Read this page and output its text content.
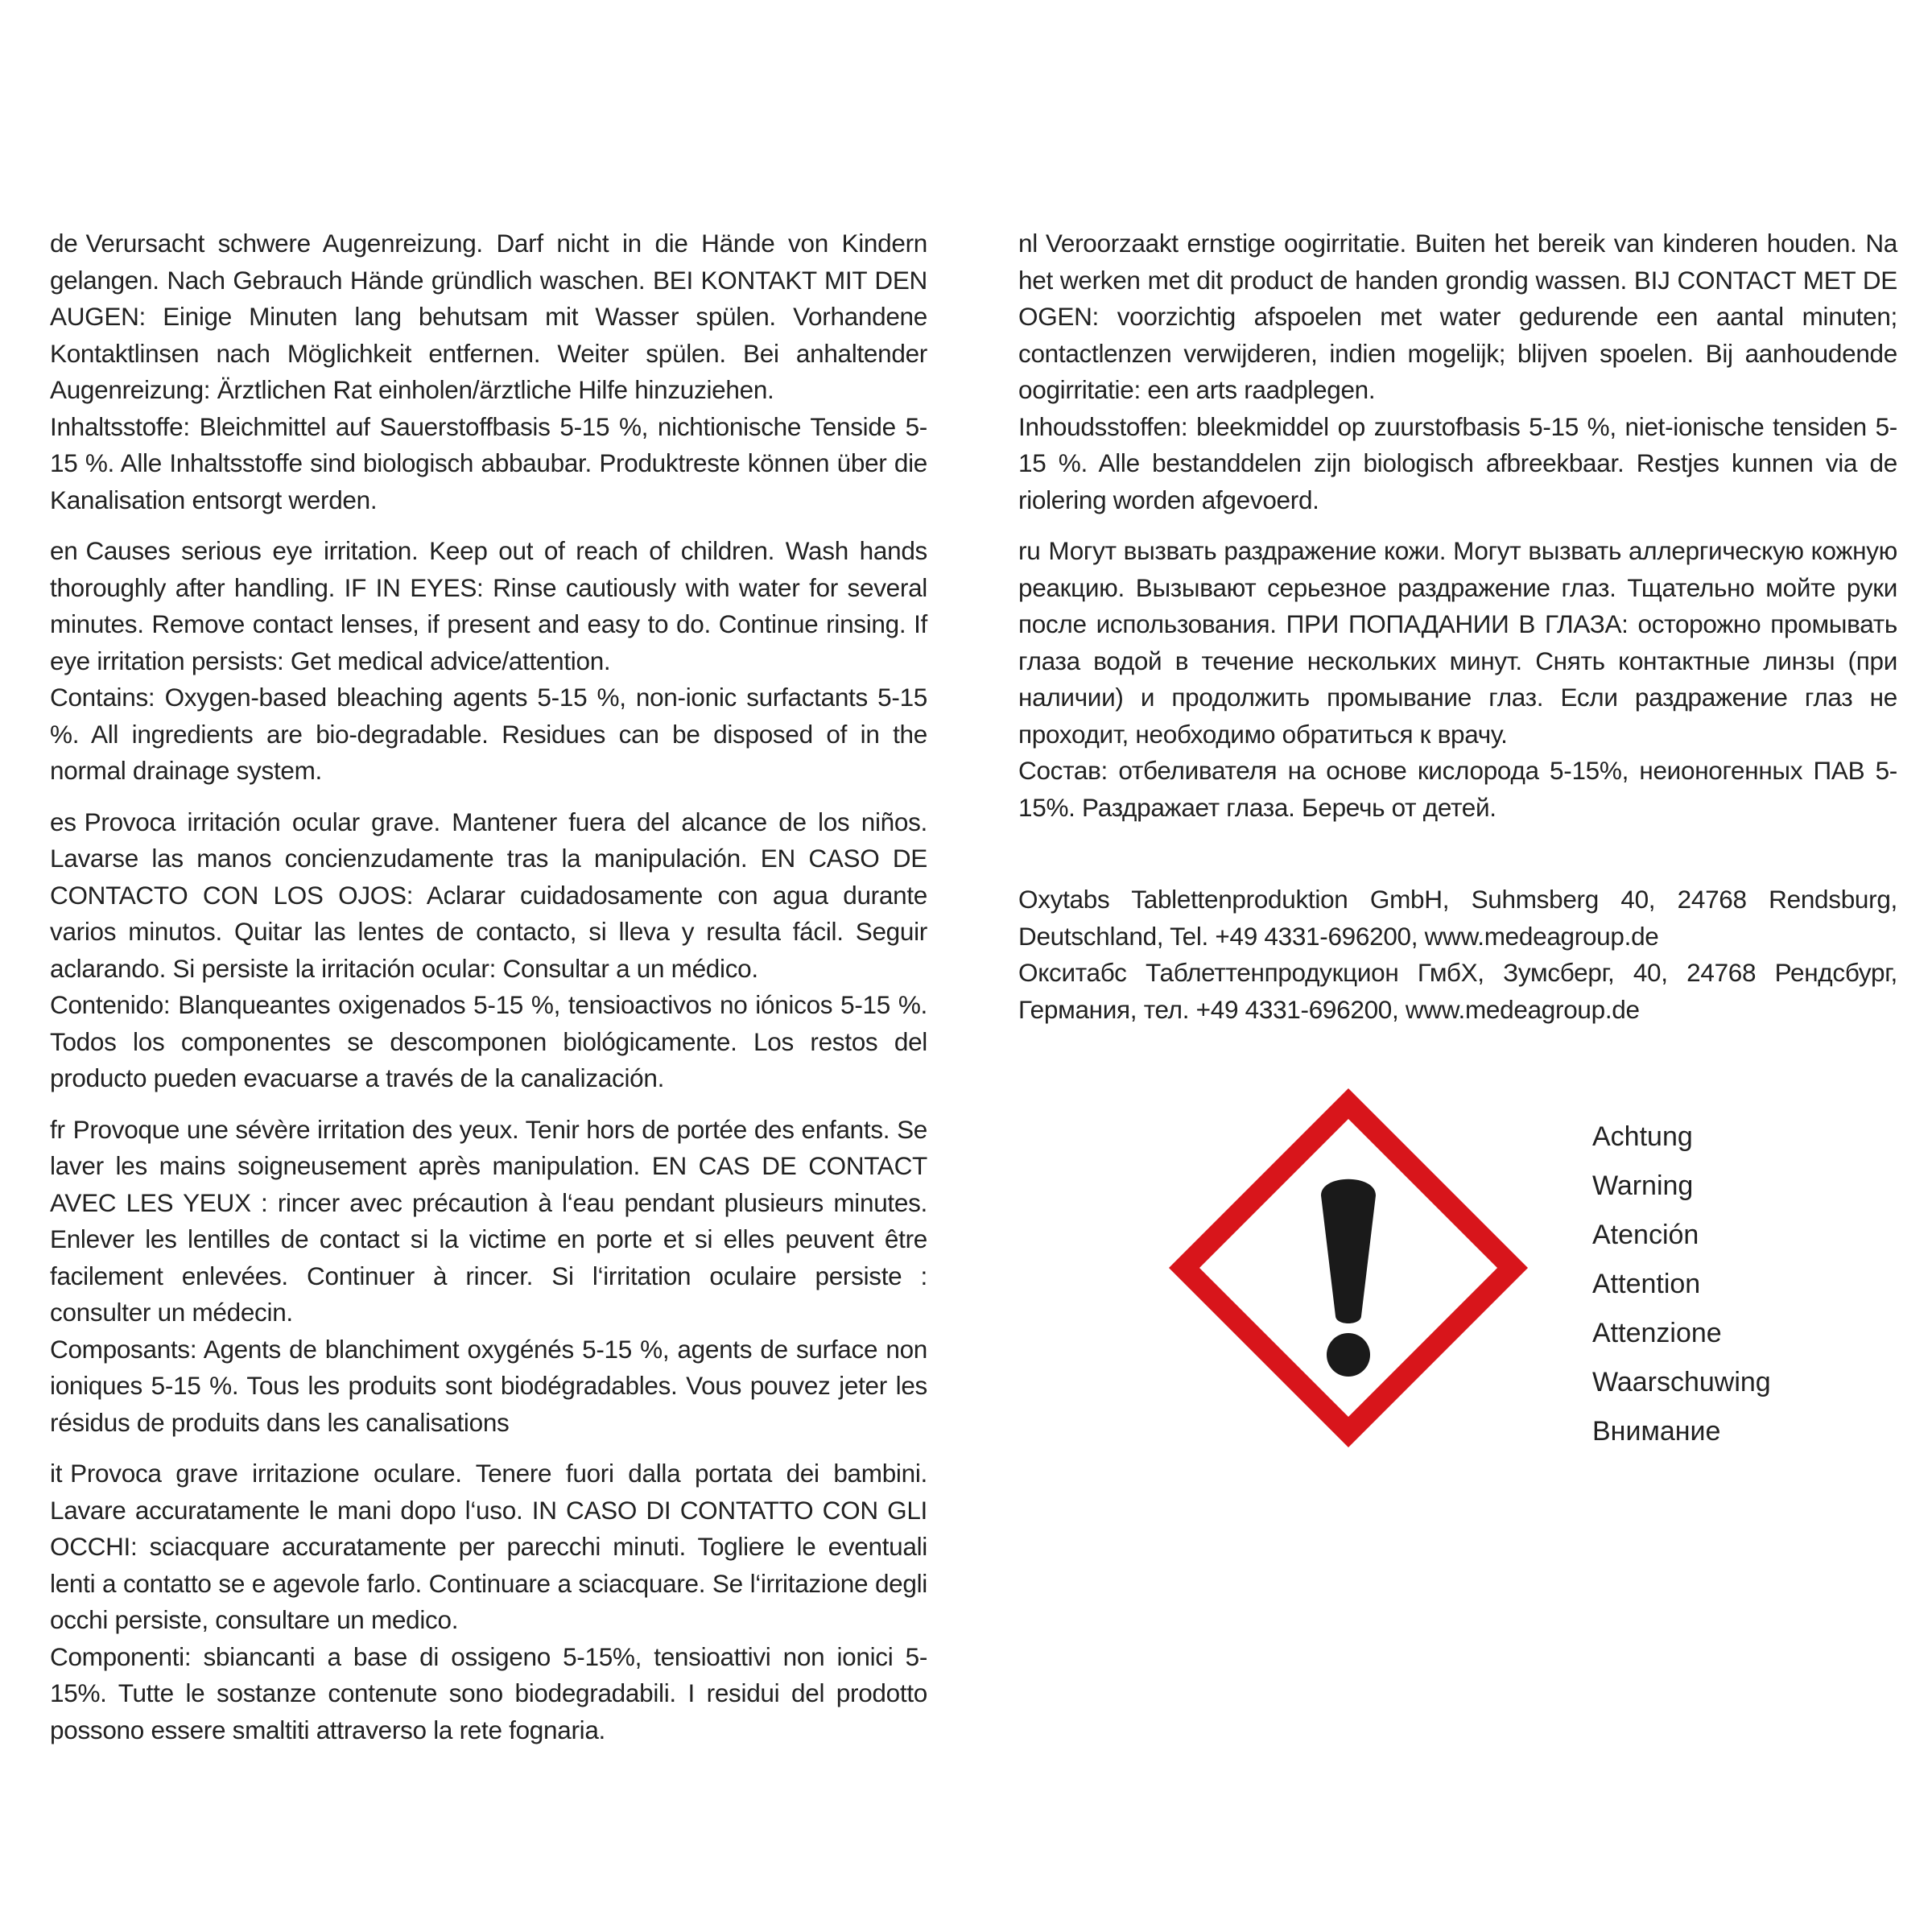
de Verursacht schwere Augenreizung. Darf nicht in die Hände von Kindern gelangen. Nach Gebrauch Hände gründlich waschen. BEI KONTAKT MIT DEN AUGEN: Einige Minuten lang behutsam mit Wasser spülen. Vorhandene Kontaktlinsen nach Möglichkeit entfernen. Weiter spülen. Bei anhaltender Augenreizung: Ärztlichen Rat einholen/ärztliche Hilfe hinzuziehen.

Inhaltsstoffe: Bleichmittel auf Sauerstoffbasis 5-15 %, nichtionische Tenside 5-15 %. Alle Inhaltsstoffe sind biologisch abbaubar. Produktreste können über die Kanalisation entsorgt werden.

en Causes serious eye irritation. Keep out of reach of children. Wash hands thoroughly after handling. IF IN EYES: Rinse cautiously with water for several minutes. Remove contact lenses, if present and easy to do. Continue rinsing. If eye irritation persists: Get medical advice/attention.

Contains: Oxygen-based bleaching agents 5-15 %, non-ionic surfactants 5-15 %. All ingredients are bio-degradable. Residues can be disposed of in the normal drainage system.

es Provoca irritación ocular grave. Mantener fuera del alcance de los niños. Lavarse las manos concienzudamente tras la manipulación. EN CASO DE CONTACTO CON LOS OJOS: Aclarar cuidadosamente con agua durante varios minutos. Quitar las lentes de contacto, si lleva y resulta fácil. Seguir aclarando. Si persiste la irritación ocular: Consultar a un médico.

Contenido: Blanqueantes oxigenados 5-15 %, tensioactivos no iónicos 5-15 %. Todos los componentes se descomponen biológicamente. Los restos del producto pueden evacuarse a través de la canalización.

fr Provoque une sévère irritation des yeux. Tenir hors de portée des enfants. Se laver les mains soigneusement après manipulation. EN CAS DE CONTACT AVEC LES YEUX : rincer avec précaution à l‘eau pendant plusieurs minutes. Enlever les lentilles de contact si la victime en porte et si elles peuvent être facilement enlevées. Continuer à rincer. Si l‘irritation oculaire persiste : consulter un médecin.

Composants: Agents de blanchiment oxygénés 5-15 %, agents de surface non ioniques 5-15 %. Tous les produits sont biodégradables. Vous pouvez jeter les résidus de produits dans les canalisations

it Provoca grave irritazione oculare. Tenere fuori dalla portata dei bambini. Lavare accuratamente le mani dopo l‘uso. IN CASO DI CONTATTO CON GLI OCCHI: sciacquare accuratamente per parecchi minuti. Togliere le eventuali lenti a contatto se e agevole farlo. Continuare a sciacquare. Se l‘irritazione degli occhi persiste, consultare un medico.

Componenti: sbiancanti a base di ossigeno 5-15%, tensioattivi non ionici 5-15%. Tutte le sostanze contenute sono biodegradabili. I residui del prodotto possono essere smaltiti attraverso la rete fognaria.

nl Veroorzaakt ernstige oogirritatie. Buiten het bereik van kinderen houden. Na het werken met dit product de handen grondig wassen. BIJ CONTACT MET DE OGEN: voorzichtig afspoelen met water gedurende een aantal minuten; contactlenzen verwijderen, indien mogelijk; blijven spoelen. Bij aanhoudende oogirritatie: een arts raadplegen.

Inhoudsstoffen: bleekmiddel op zuurstofbasis 5-15 %, niet-ionische tensiden 5-15 %. Alle bestanddelen zijn biologisch afbreekbaar. Restjes kunnen via de riolering worden afgevoerd.

ru Могут вызвать раздражение кожи. Могут вызвать аллергическую кожную реакцию. Вызывают серьезное раздражение глаз. Тщательно мойте руки после использования. ПРИ ПОПАДАНИИ В ГЛАЗА: осторожно промывать глаза водой в течение нескольких минут. Снять контактные линзы (при наличии) и продолжить промывание глаз. Если раздражение глаз не проходит, необходимо обратиться к врачу.

Состав: отбеливателя на основе кислорода 5-15%, неионогенных ПАВ 5-15%. Раздражает глаза. Беречь от детей.

Oxytabs Tablettenproduktion GmbH, Suhmsberg 40, 24768 Rendsburg, Deutschland, Tel. +49 4331-696200, www.medeagroup.de

Окситабс Таблеттенпродукцион ГмбХ, Зумсберг, 40, 24768 Рендсбург, Германия, тел. +49 4331-696200, www.medeagroup.de

Achtung
Warning
Atención
Attention
Attenzione
Waarschuwing
Внимание
